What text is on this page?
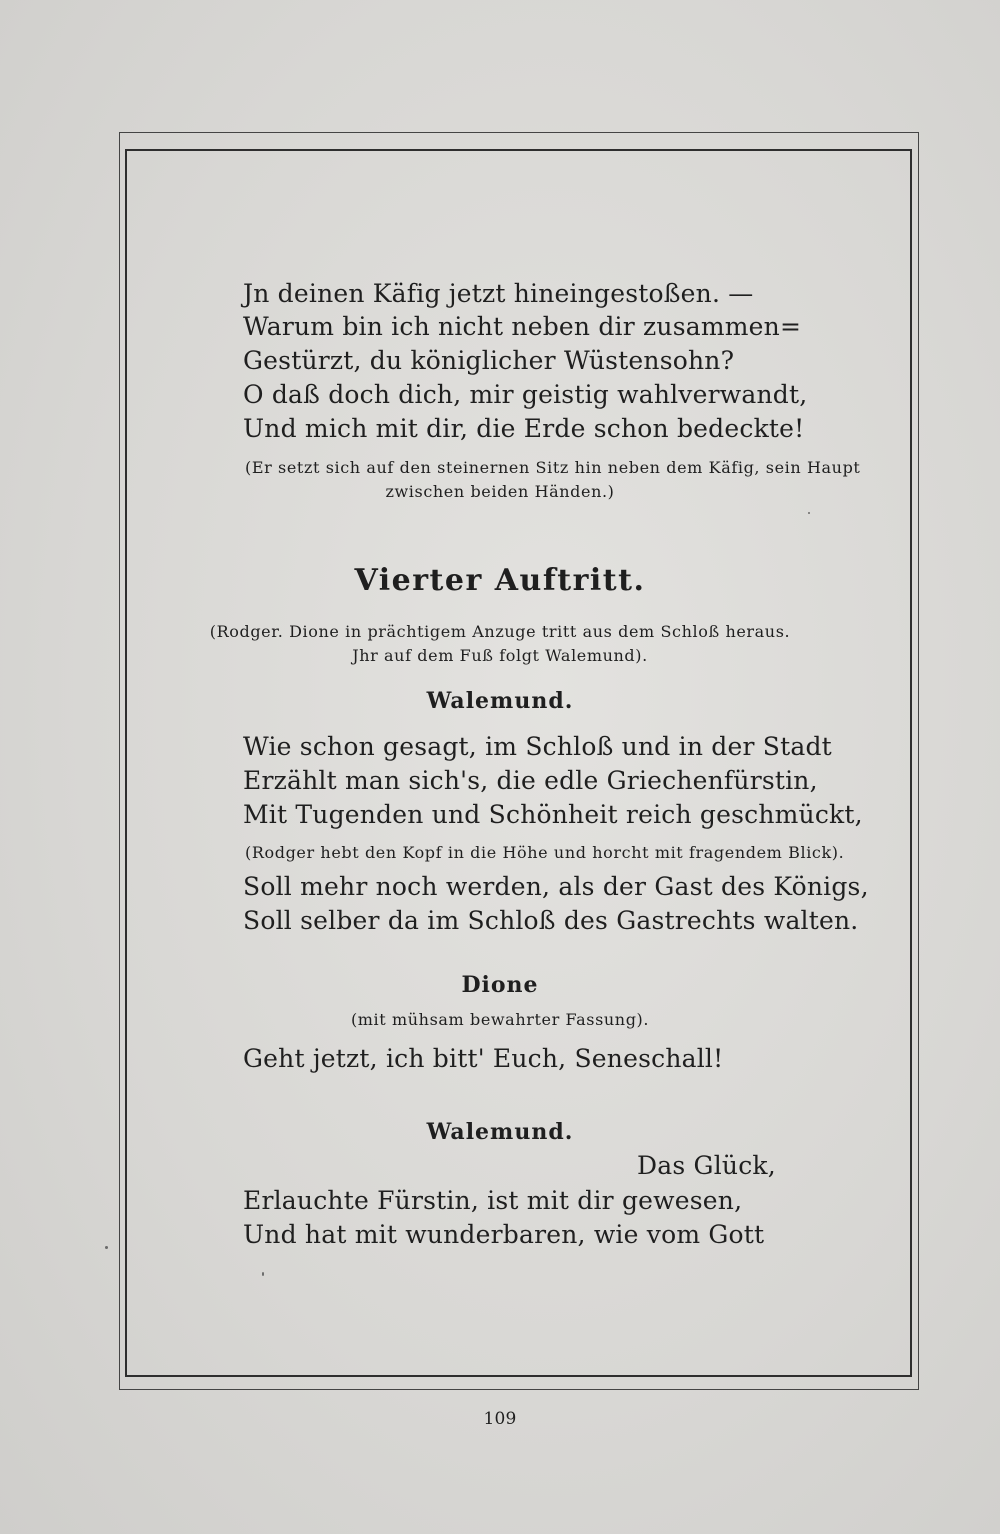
Jn deinen Käfig jetzt hineingestoßen. —
Warum bin ich nicht neben dir zusammen=
Gestürzt, du königlicher Wüstensohn?
O daß doch dich, mir geistig wahlverwandt,
Und mich mit dir, die Erde schon bedeckte!
(Er setzt sich auf den steinernen Sitz hin neben dem Käfig, sein Haupt
zwischen beiden Händen.)
Vierter Auftritt.
(Rodger. Dione in prächtigem Anzuge tritt aus dem Schloß heraus.
Jhr auf dem Fuß folgt Walemund).
Walemund.
Wie schon gesagt, im Schloß und in der Stadt
Erzählt man sich's, die edle Griechenfürstin,
Mit Tugenden und Schönheit reich geschmückt,
(Rodger hebt den Kopf in die Höhe und horcht mit fragendem Blick).
Soll mehr noch werden, als der Gast des Königs,
Soll selber da im Schloß des Gastrechts walten.
Dione
(mit mühsam bewahrter Fassung).
Geht jetzt, ich bitt' Euch, Seneschall!
Walemund.
Das Glück,
Erlauchte Fürstin, ist mit dir gewesen,
Und hat mit wunderbaren, wie vom Gott
109
